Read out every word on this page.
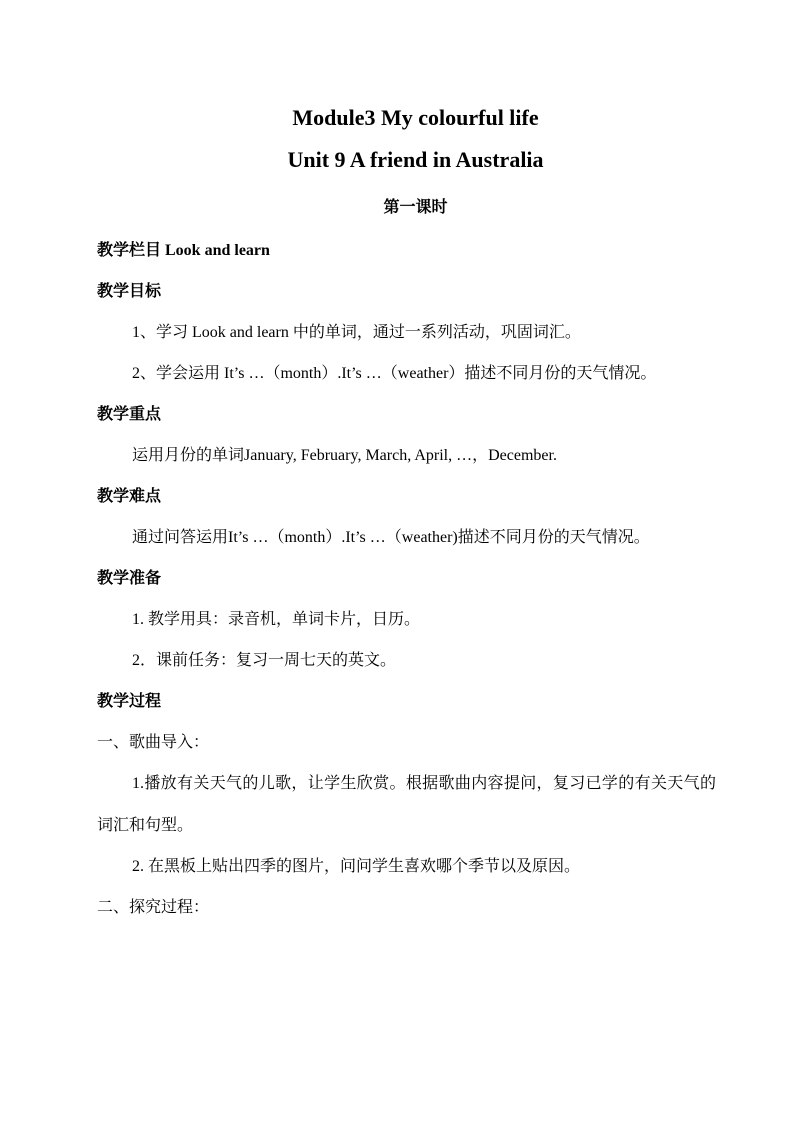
Module3 My colourful life
Unit 9 A friend in Australia
第一课时
教学栏目 Look and learn
教学目标
1、学习 Look and learn 中的单词，通过一系列活动，巩固词汇。
2、学会运用 It’s …（month）.It’s …（weather）描述不同月份的天气情况。
教学重点
运用月份的单词January, February, March, April, …，December.
教学难点
通过问答运用It’s …（month）.It’s …（weather)描述不同月份的天气情况。
教学准备
1. 教学用具：录音机，单词卡片，日历。
2．课前任务：复习一周七天的英文。
教学过程
一、歌曲导入：
1.播放有关天气的儿歌，让学生欣赏。根据歌曲内容提问，复习已学的有关天气的词汇和句型。
2. 在黑板上贴出四季的图片，问问学生喜欢哪个季节以及原因。
二、探究过程：
